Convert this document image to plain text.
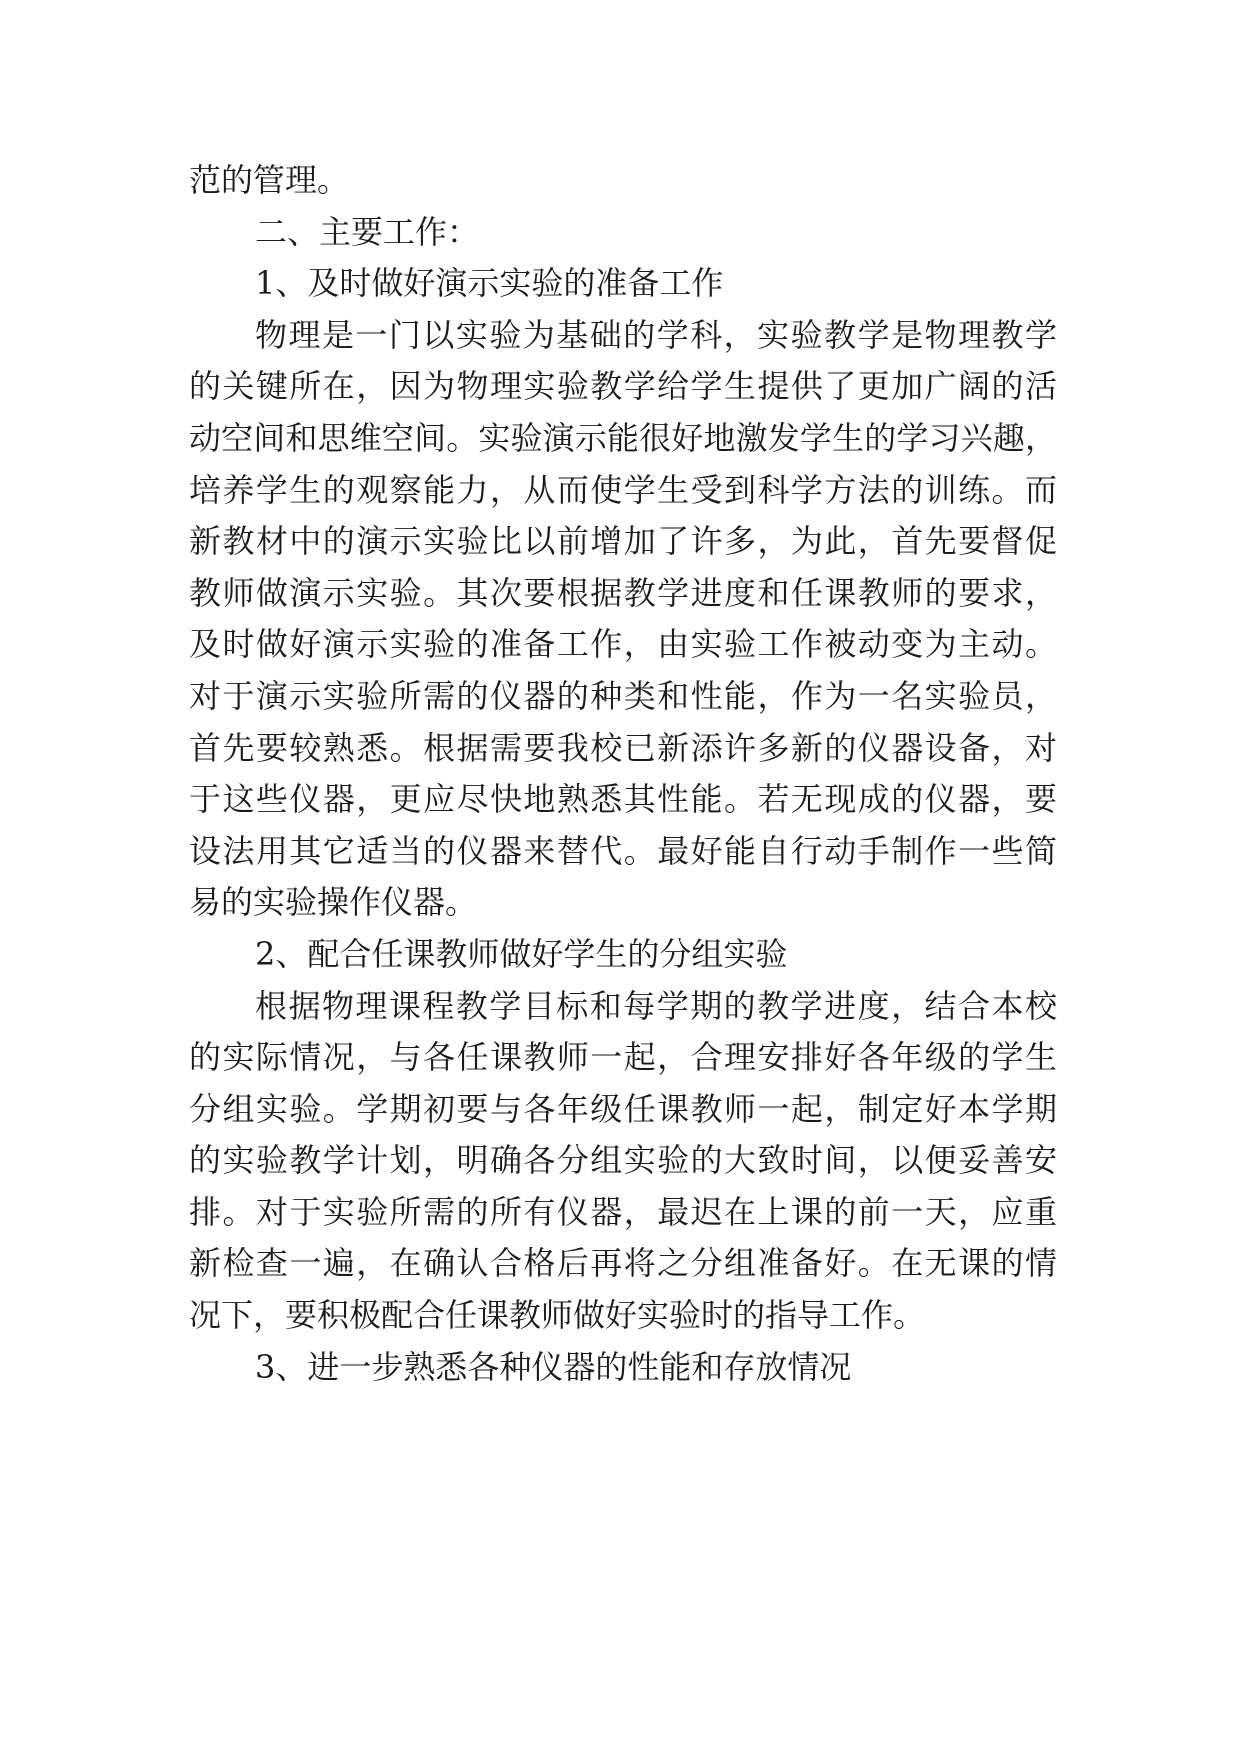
范的管理。
二、主要工作：
1、及时做好演示实验的准备工作
物理是一门以实验为基础的学科，实验教学是物理教学
的关键所在，因为物理实验教学给学生提供了更加广阔的活
动空间和思维空间。实验演示能很好地激发学生的学习兴趣，
培养学生的观察能力，从而使学生受到科学方法的训练。而
新教材中的演示实验比以前增加了许多，为此，首先要督促
教师做演示实验。其次要根据教学进度和任课教师的要求，
及时做好演示实验的准备工作，由实验工作被动变为主动。
对于演示实验所需的仪器的种类和性能，作为一名实验员，
首先要较熟悉。根据需要我校已新添许多新的仪器设备，对
于这些仪器，更应尽快地熟悉其性能。若无现成的仪器，要
设法用其它适当的仪器来替代。最好能自行动手制作一些简
易的实验操作仪器。
2、配合任课教师做好学生的分组实验
根据物理课程教学目标和每学期的教学进度，结合本校
的实际情况，与各任课教师一起，合理安排好各年级的学生
分组实验。学期初要与各年级任课教师一起，制定好本学期
的实验教学计划，明确各分组实验的大致时间，以便妥善安
排。对于实验所需的所有仪器，最迟在上课的前一天，应重
新检查一遍，在确认合格后再将之分组准备好。在无课的情
况下，要积极配合任课教师做好实验时的指导工作。
3、进一步熟悉各种仪器的性能和存放情况
